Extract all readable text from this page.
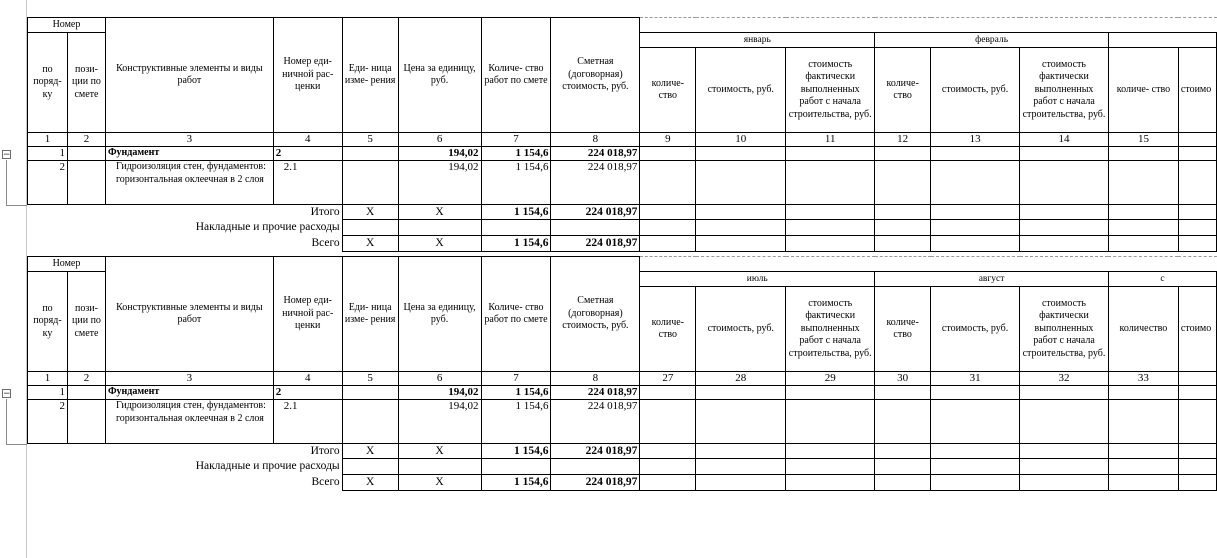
−
−
Номер		Конструктивные элементы и виды работ	Номер еди- ничной рас- ценки	Еди- ница изме- рения	Цена за единицу, руб.	Количе- ство работ по смете	Сметная (договорная) стоимость, руб.								
по поряд- ку	пози- ции по смете							январь			февраль				
								количе- ство	стоимость, руб.	стоимость фактически выполненных работ с начала строительства, руб.	количе- ство	стоимость, руб.	стоимость фактически выполненных работ с начала строительства, руб.	количе- ство	стоимо
1	2	3	4	5	6	7	8	9	10	11	12	13	14	15	
1		Фундамент	2		194,02	1 154,6	224 018,97								
2		Гидроизоляция стен, фундаментов: горизонтальная оклеечная в 2 слоя	2.1		194,02	1 154,6	224 018,97								
Итого				X	X	1 154,6	224 018,97								
Накладные и прочие расходы															
Всего				X	X	1 154,6	224 018,97								
Номер		Конструктивные элементы и виды работ	Номер еди- ничной рас- ценки	Еди- ница изме- рения	Цена за единицу, руб.	Количе- ство работ по смете	Сметная (договорная) стоимость, руб.								
по поряд- ку	пози- ции по смете							июль			август			с	
								количе- ство	стоимость, руб.	стоимость фактически выполненных работ с начала строительства, руб.	количе- ство	стоимость, руб.	стоимость фактически выполненных работ с начала строительства, руб.	количество	стоимо
1	2	3	4	5	6	7	8	27	28	29	30	31	32	33	
1		Фундамент	2		194,02	1 154,6	224 018,97								
2		Гидроизоляция стен, фундаментов: горизонтальная оклеечная в 2 слоя	2.1		194,02	1 154,6	224 018,97								
Итого				X	X	1 154,6	224 018,97								
Накладные и прочие расходы															
Всего				X	X	1 154,6	224 018,97								
